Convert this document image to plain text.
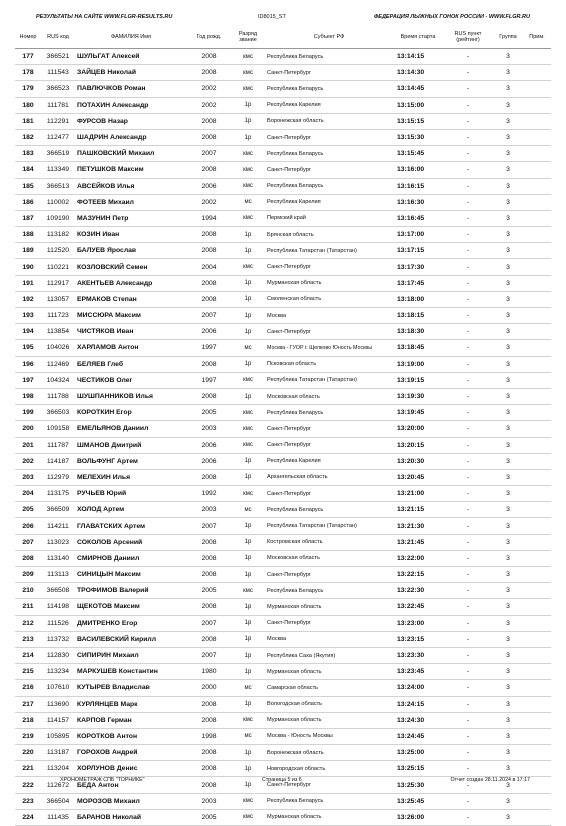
РЕЗУЛЬТАТЫ НА САЙТЕ WWW.FLGR-RESULTS.RU	ID8015_ST	ФЕДЕРАЦИЯ ЛЫЖНЫХ ГОНОК РОССИИ - WWW.FLGR.RU
Номер	RUS код	ФАМИЛИЯ Имя	Год рожд.	Разряд звание	Субъект РФ	Время старта	RUS пункт (рейтинг)	Группа	Прим.
177	366521	ШУЛЬГАТ Алексей	2008	кмс	Республика Беларусь	13:14:15	-	3	
178	111543	ЗАЙЦЕВ Николай	2008	кмс	Санкт-Петербург	13:14:30	-	3	
179	366523	ПАВЛЮЧКОВ Роман	2002	кмс	Республика Беларусь	13:14:45	-	3	
180	111781	ПОТАХИН Александр	2002	1р	Республика Карелия	13:15:00	-	3	
181	112291	ФУРСОВ Назар	2008	1р	Воронежская область	13:15:15	-	3	
182	112477	ШАДРИН Александр	2008	1р	Санкт-Петербург	13:15:30	-	3	
183	366519	ПАШКОВСКИЙ Михаил	2007	кмс	Республика Беларусь	13:15:45	-	3	
184	113349	ПЕТУШКОВ Максим	2008	кмс	Санкт-Петербург	13:16:00	-	3	
185	366513	АВСЕЙКОВ Илья	2006	кмс	Республика Беларусь	13:16:15	-	3	
186	110002	ФОТЕЕВ Михаил	2002	мс	Республика Карелия	13:16:30	-	3	
187	109190	МАЗУНИН Петр	1994	кмс	Пермский край	13:16:45	-	3	
188	113182	КОЗИН Иван	2008	1р	Брянская область	13:17:00	-	3	
189	112520	БАЛУЕВ Ярослав	2008	1р	Республика Татарстан (Татарстан)	13:17:15	-	3	
190	110221	КОЗЛОВСКИЙ Семен	2004	кмс	Санкт-Петербург	13:17:30	-	3	
191	112917	АКЕНТЬЕВ Александр	2008	1р	Мурманская область	13:17:45	-	3	
192	113057	ЕРМАКОВ Степан	2008	1р	Смоленская область	13:18:00	-	3	
193	111723	МИССЮРА Максим	2007	1р	Москва	13:18:15	-	3	
194	113854	ЧИСТЯКОВ Иван	2006	1р	Санкт-Петербург	13:18:30	-	3	
195	104026	ХАРЛАМОВ Антон	1997	мс	Москва - ГУОР г. Щелково Юность Москвы	13:18:45	-	3	
196	112469	БЕЛЯЕВ Глеб	2008	1р	Псковская область	13:19:00	-	3	
197	104324	ЧЕСТИКОВ Олег	1997	кмс	Республика Татарстан (Татарстан)	13:19:15	-	3	
198	111788	ШУШПАННИКОВ Илья	2008	1р	Московская область	13:19:30	-	3	
199	366503	КОРОТКИН Егор	2005	кмс	Республика Беларусь	13:19:45	-	3	
200	109158	ЕМЕЛЬЯНОВ Даниил	2003	кмс	Санкт-Петербург	13:20:00	-	3	
201	111787	ШМАНОВ Дмитрий	2006	кмс	Санкт-Петербург	13:20:15	-	3	
202	114187	ВОЛЬФУНГ Артем	2006	1р	Республика Карелия	13:20:30	-	3	
203	112979	МЕЛЕХИН Илья	2008	1р	Архангельская область	13:20:45	-	3	
204	113175	РУЧЬЕВ Юрий	1992	кмс	Санкт-Петербург	13:21:00	-	3	
205	366509	ХОЛОД Артем	2003	мс	Республика Беларусь	13:21:15	-	3	
206	114211	ГЛАВАТСКИХ Артем	2007	1р	Республика Татарстан (Татарстан)	13:21:30	-	3	
207	113023	СОКОЛОВ Арсений	2008	1р	Костромская область	13:21:45	-	3	
208	113140	СМИРНОВ Даниил	2008	1р	Московская область	13:22:00	-	3	
209	113113	СИНИЦЫН Максим	2008	1р	Санкт-Петербург	13:22:15	-	3	
210	366508	ТРОФИМОВ Валерий	2005	кмс	Республика Беларусь	13:22:30	-	3	
211	114198	ЩЕКОТОВ Максим	2008	1р	Мурманская область	13:22:45	-	3	
212	111526	ДМИТРЕНКО Егор	2007	1р	Санкт-Петербург	13:23:00	-	3	
213	113732	ВАСИЛЕВСКИЙ Кирилл	2008	1р	Москва	13:23:15	-	3	
214	112830	СИПИРИН Михаил	2007	1р	Республика Саха (Якутия)	13:23:30	-	3	
215	113234	МАРКУШЕВ Константин	1980	1р	Мурманская область	13:23:45	-	3	
216	107610	КУТЫРЕВ Владислав	2000	мс	Самарская область	13:24:00	-	3	
217	113690	КУРЛЯНЦЕВ Марк	2008	1р	Вологодская область	13:24:15	-	3	
218	114157	КАРПОВ Герман	2008	кмс	Мурманская область	13:24:30	-	3	
219	105895	КОРОТКОВ Антон	1998	мс	Москва - Юность Москвы	13:24:45	-	3	
220	113187	ГОРОХОВ Андрей	2008	1р	Воронежская область	13:25:00	-	3	
221	113204	ХОРЛУНОВ Денис	2008	1р	Новгородская область	13:25:15	-	3	
222	112672	БЕДА Антон	2008	1р	Санкт-Петербург	13:25:30	-	3	
223	366504	МОРОЗОВ Михаил	2003	кмс	Республика Беларусь	13:25:45	-	3	
224	111435	БАРАНОВ Николай	2005	кмс	Мурманская область	13:26:00	-	3	
ХРОНОМЕТРАЖ СПБ "ТОРНИКЕ"	Страница 5 из 6	Отчет создан 28.11.2024 в 17:17
